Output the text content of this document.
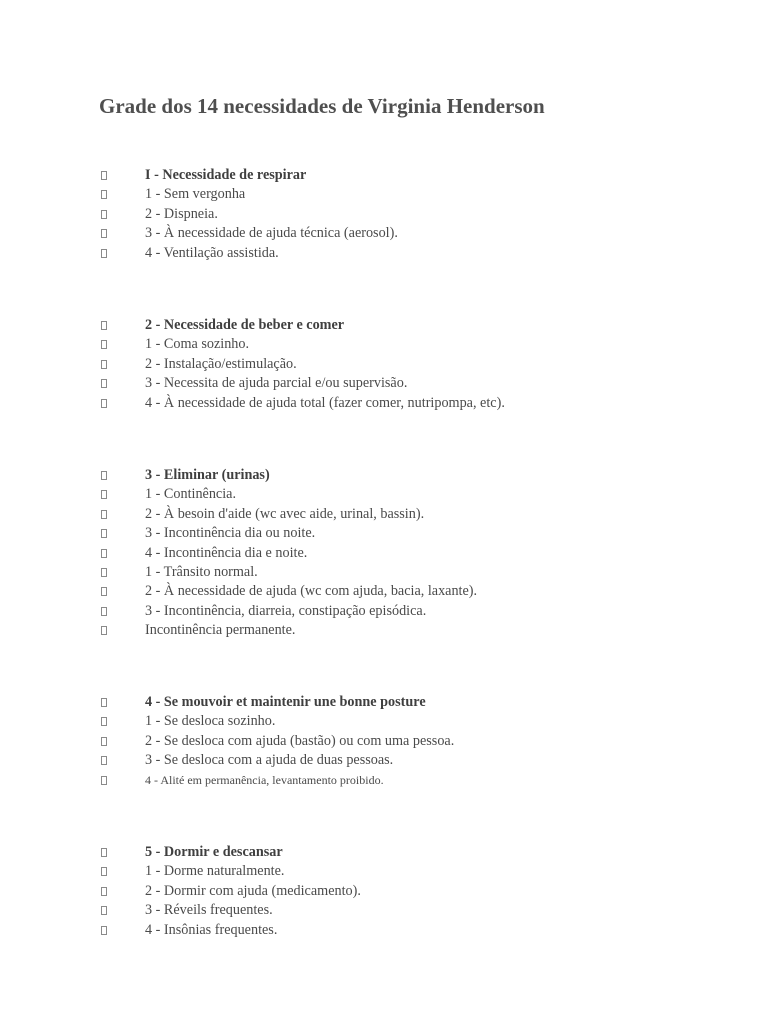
Grade dos 14 necessidades de Virginia Henderson
I - Necessidade de respirar
1 - Sem vergonha
2 - Dispneia.
3 - À necessidade de ajuda técnica (aerosol).
4 - Ventilação assistida.
2 - Necessidade de beber e comer
1 - Coma sozinho.
2 - Instalação/estimulação.
3 - Necessita de ajuda parcial e/ou supervisão.
4 - À necessidade de ajuda total (fazer comer, nutripompa, etc).
3 - Eliminar (urinas)
1 - Continência.
2 - À besoin d'aide (wc avec aide, urinal, bassin).
3 - Incontinência dia ou noite.
4 - Incontinência dia e noite.
1 - Trânsito normal.
2 - À necessidade de ajuda (wc com ajuda, bacia, laxante).
3 - Incontinência, diarreia, constipação episódica.
Incontinência permanente.
4 - Se mouvoir et maintenir une bonne posture
1 - Se desloca sozinho.
2 - Se desloca com ajuda (bastão) ou com uma pessoa.
3 - Se desloca com a ajuda de duas pessoas.
4 - Alité em permanência, levantamento proibido.
5 - Dormir e descansar
1 - Dorme naturalmente.
2 - Dormir com ajuda (medicamento).
3 - Réveils frequentes.
4 - Insônias frequentes.
